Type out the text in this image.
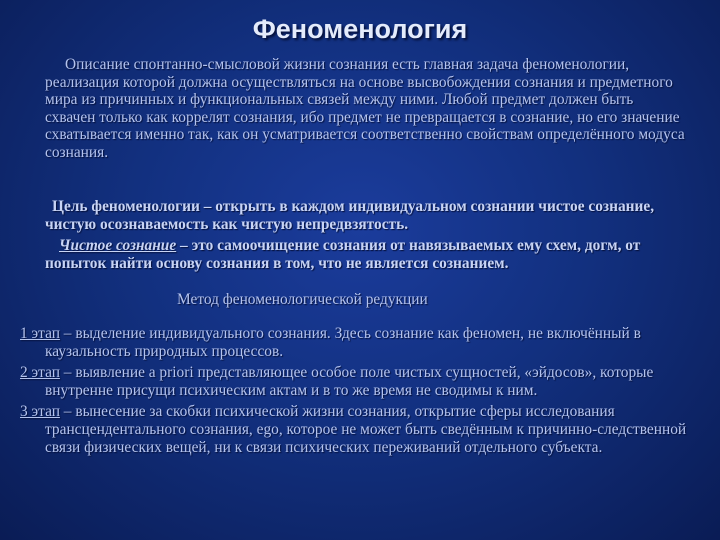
Феноменология
Описание спонтанно-смысловой жизни сознания есть главная задача феноменологии, реализация которой должна осуществляться на основе высвобождения сознания и предметного мира из причинных и функциональных связей между ними. Любой предмет должен быть схвачен только как коррелят сознания, ибо предмет не превращается в сознание, но его значение схватывается именно так, как он усматривается соответственно свойствам определённого модуса сознания.
Цель феноменологии – открыть в каждом индивидуальном сознании чистое сознание, чистую осознаваемость как чистую непредвзятость.
Чистое сознание – это самоочищение сознания от навязываемых ему схем, догм, от попыток найти основу сознания в том, что не является сознанием.
Метод феноменологической редукции
1 этап – выделение индивидуального сознания. Здесь сознание как феномен, не включённый в каузальность природных процессов.
2 этап – выявление а priori представляющее особое поле чистых сущностей, «эйдосов», которые внутренне присущи психическим актам и в то же время не сводимы к ним.
3 этап – вынесение за скобки психической жизни сознания, открытие сферы исследования трансцендентального сознания, ego, которое не может быть сведённым к причинно-следственной связи физических вещей, ни к связи психических переживаний отдельного субъекта.
